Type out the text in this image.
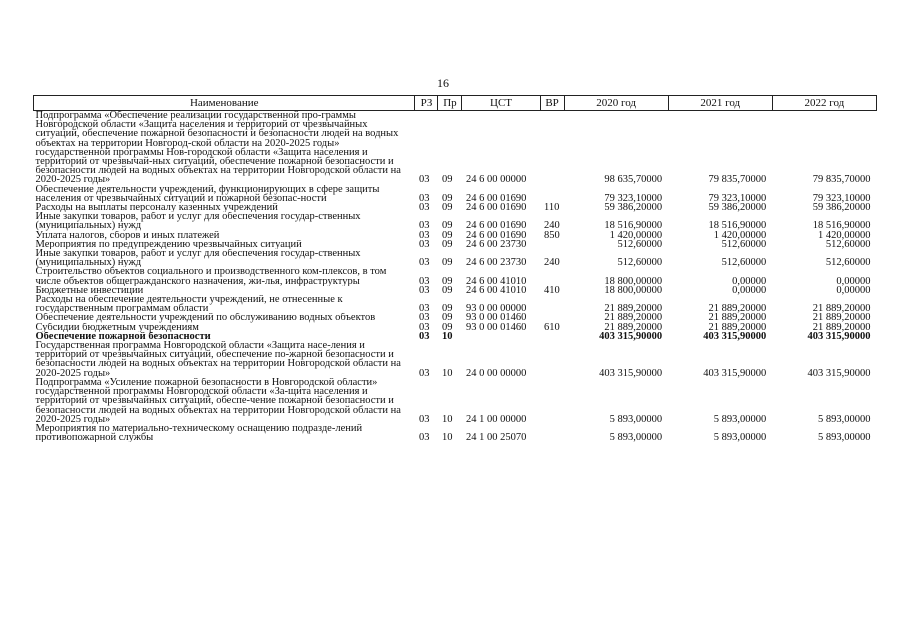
16
Наименование	РЗ	Пр	ЦСТ	ВР	2020 год	2021 год	2022 год
Подпрограмма «Обеспечение реализации государственной про-граммы Новгородской области «Защита населения и территорий от чрезвычайных ситуаций, обеспечение пожарной безопасности и безопасности людей на водных объектах на территории Новгород-ской области на 2020-2025 годы» государственной программы Нов-городской области «Защита населения и территорий от чрезвычай-ных ситуаций, обеспечение пожарной безопасности и безопасности людей на водных объектах на территории Новгородской области на 2020-2025 годы»	03	09	24 6 00 00000		98 635,70000	79 835,70000	79 835,70000
Обеспечение деятельности учреждений, функционирующих в сфере защиты населения от чрезвычайных ситуаций и пожарной безопас-ности	03	09	24 6 00 01690		79 323,10000	79 323,10000	79 323,10000
Расходы на выплаты персоналу казенных учреждений	03	09	24 6 00 01690	110	59 386,20000	59 386,20000	59 386,20000
Иные закупки товаров, работ и услуг для обеспечения государ-ственных (муниципальных) нужд	03	09	24 6 00 01690	240	18 516,90000	18 516,90000	18 516,90000
Уплата налогов, сборов и иных платежей	03	09	24 6 00 01690	850	1 420,00000	1 420,00000	1 420,00000
Мероприятия по предупреждению чрезвычайных ситуаций	03	09	24 6 00 23730		512,60000	512,60000	512,60000
Иные закупки товаров, работ и услуг для обеспечения государ-ственных (муниципальных) нужд	03	09	24 6 00 23730	240	512,60000	512,60000	512,60000
Строительство объектов социального и производственного ком-плексов, в том числе объектов общегражданского назначения, жи-лья, инфраструктуры	03	09	24 6 00 41010		18 800,00000	0,00000	0,00000
Бюджетные инвестиции	03	09	24 6 00 41010	410	18 800,00000	0,00000	0,00000
Расходы на обеспечение деятельности учреждений, не отнесенные к государственным программам области	03	09	93 0 00 00000		21 889,20000	21 889,20000	21 889,20000
Обеспечение деятельности учреждений по обслуживанию водных объектов	03	09	93 0 00 01460		21 889,20000	21 889,20000	21 889,20000
Субсидии бюджетным учреждениям	03	09	93 0 00 01460	610	21 889,20000	21 889,20000	21 889,20000
Обеспечение пожарной безопасности	03	10			403 315,90000	403 315,90000	403 315,90000
Государственная программа Новгородской области «Защита насе-ления и территорий от чрезвычайных ситуаций, обеспечение по-жарной безопасности и безопасности людей на водных объектах на территории Новгородской области на 2020-2025 годы»	03	10	24 0 00 00000		403 315,90000	403 315,90000	403 315,90000
Подпрограмма «Усиление пожарной безопасности в Новгородской области» государственной программы Новгородской области «За-щита населения и территорий от чрезвычайных ситуаций, обеспе-чение пожарной безопасности и безопасности людей на водных объектах на территории Новгородской области на 2020-2025 годы»	03	10	24 1 00 00000		5 893,00000	5 893,00000	5 893,00000
Мероприятия по материально-техническому оснащению подразде-лений противопожарной службы	03	10	24 1 00 25070		5 893,00000	5 893,00000	5 893,00000
